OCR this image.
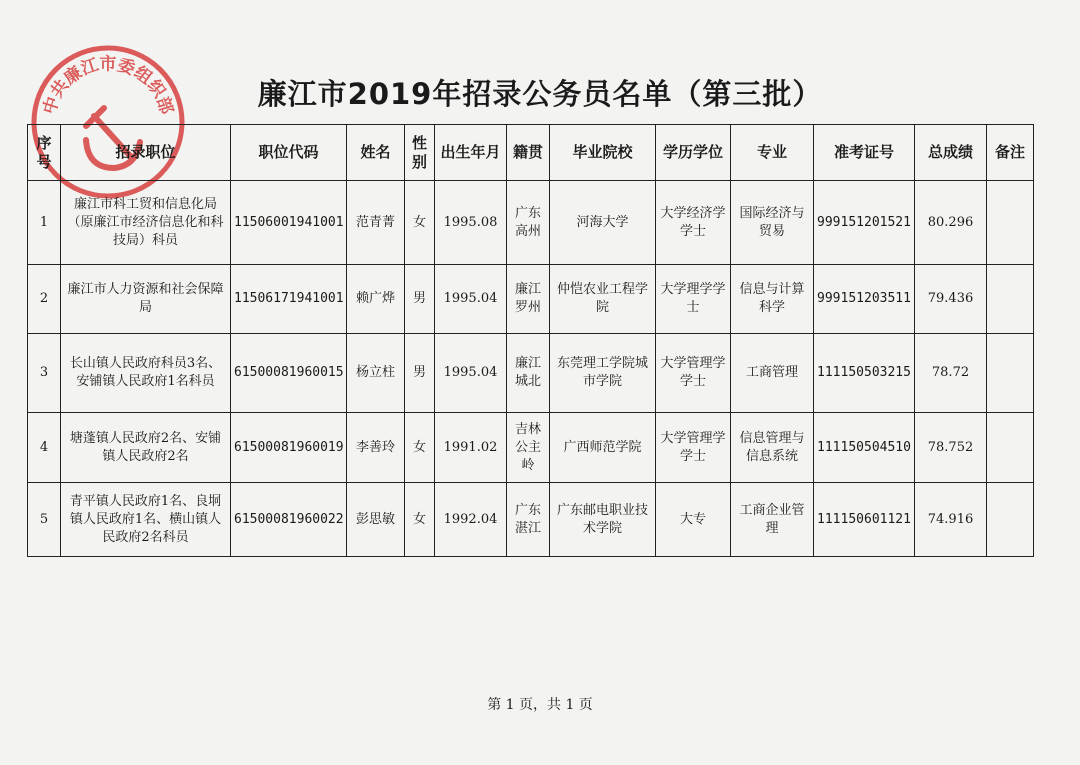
中共廉江市委组织部	廉江市2019年招录公务员名单（第三批）
序号	招录职位	职位代码	姓名	性别	出生年月	籍贯	毕业院校	学历学位	专业	准考证号	总成绩	备注
1	廉江市科工贸和信息化局（原廉江市经济信息化和科技局）科员	11506001941001	范青菁	女	1995.08	广东高州	河海大学	大学经济学学士	国际经济与贸易	999151201521	80.296	
2	廉江市人力资源和社会保障局	11506171941001	赖广烨	男	1995.04	廉江罗州	仲恺农业工程学院	大学理学学士	信息与计算科学	999151203511	79.436	
3	长山镇人民政府科员3名、安铺镇人民政府1名科员	61500081960015	杨立柱	男	1995.04	廉江城北	东莞理工学院城市学院	大学管理学学士	工商管理	111150503215	78.72	
4	塘蓬镇人民政府2名、安铺镇人民政府2名	61500081960019	李善玲	女	1991.02	吉林公主岭	广西师范学院	大学管理学学士	信息管理与信息系统	111150504510	78.752	
5	青平镇人民政府1名、良垌镇人民政府1名、横山镇人民政府2名科员	61500081960022	彭思敏	女	1992.04	广东湛江	广东邮电职业技术学院	大专	工商企业管理	111150601121	74.916	
第 1 页，共 1 页
